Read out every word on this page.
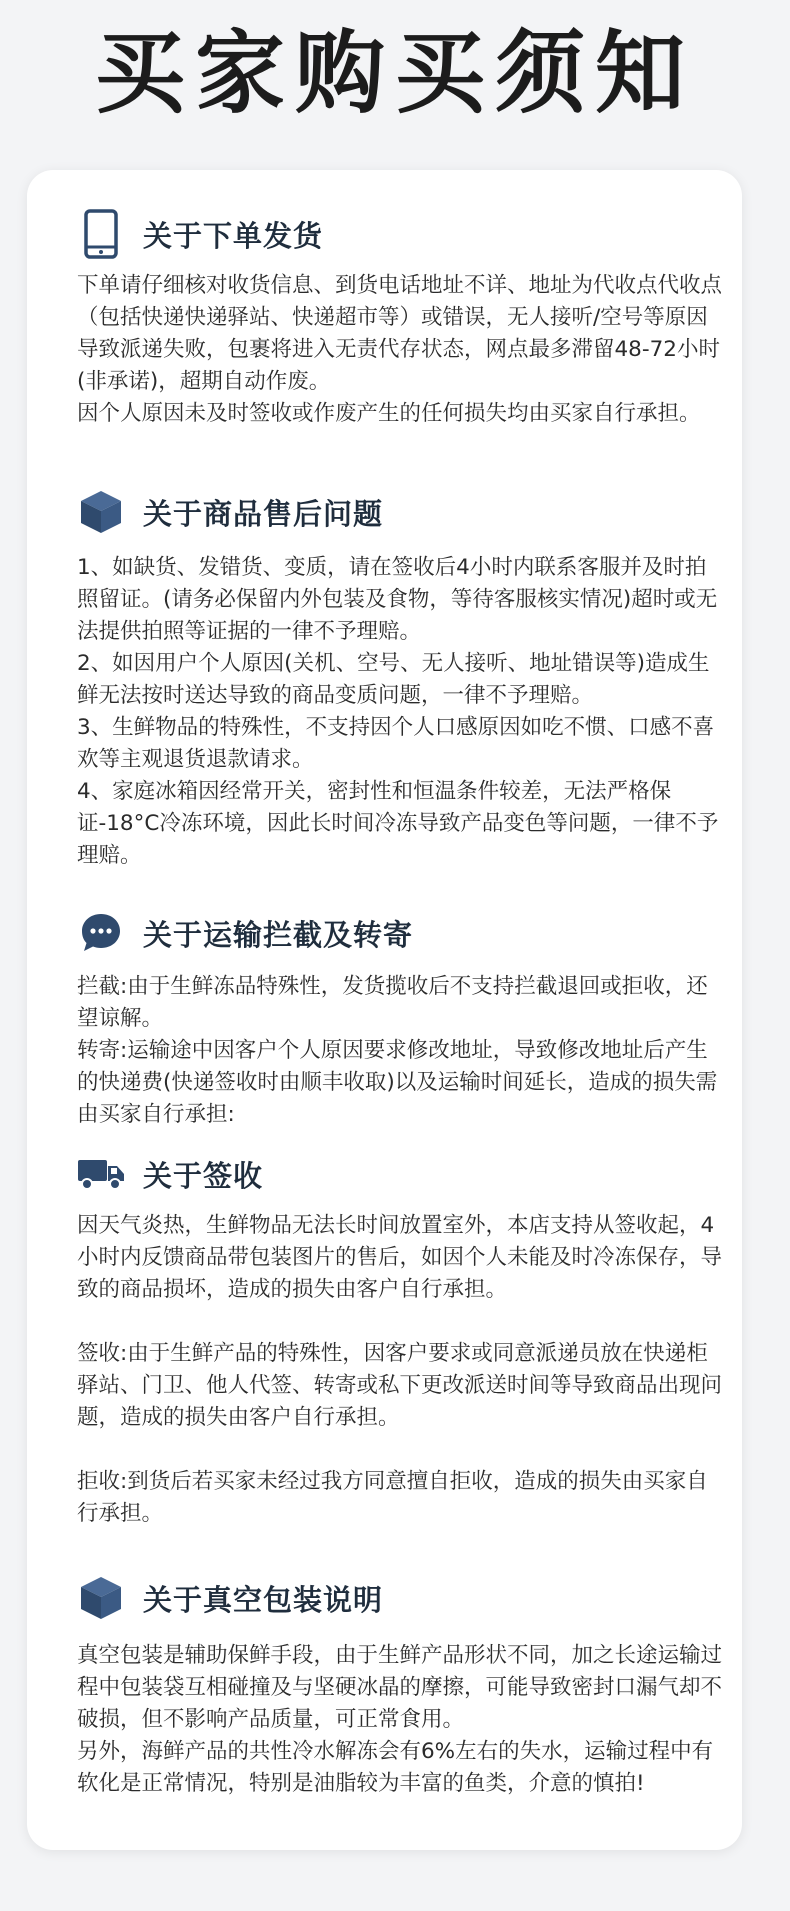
买家购买须知
关于下单发货

下单请仔细核对收货信息、到货电话地址不详、地址为代收点代收点（包括快递快递驿站、快递超市等）或错误，无人接听/空号等原因导致派递失败，包裹将进入无责代存状态，网点最多滞留48-72小时(非承诺)，超期自动作废。

因个人原因未及时签收或作废产生的任何损失均由买家自行承担。

关于商品售后问题

1、如缺货、发错货、变质，请在签收后4小时内联系客服并及时拍照留证。(请务必保留内外包装及食物，等待客服核实情况)超时或无法提供拍照等证据的一律不予理赔。

2、如因用户个人原因(关机、空号、无人接听、地址错误等)造成生鲜无法按时送达导致的商品变质问题，一律不予理赔。

3、生鲜物品的特殊性，不支持因个人口感原因如吃不惯、口感不喜欢等主观退货退款请求。

4、家庭冰箱因经常开关，密封性和恒温条件较差，无法严格保证-18°C冷冻环境，因此长时间冷冻导致产品变色等问题，一律不予理赔。

关于运输拦截及转寄

拦截:由于生鲜冻品特殊性，发货揽收后不支持拦截退回或拒收，还望谅解。

转寄:运输途中因客户个人原因要求修改地址，导致修改地址后产生的快递费(快递签收时由顺丰收取)以及运输时间延长，造成的损失需由买家自行承担:

关于签收

因天气炎热，生鲜物品无法长时间放置室外，本店支持从签收起，4小时内反馈商品带包装图片的售后，如因个人未能及时冷冻保存，导致的商品损坏，造成的损失由客户自行承担。

签收:由于生鲜产品的特殊性，因客户要求或同意派递员放在快递柜驿站、门卫、他人代签、转寄或私下更改派送时间等导致商品出现问题，造成的损失由客户自行承担。

拒收:到货后若买家未经过我方同意擅自拒收，造成的损失由买家自行承担。

关于真空包装说明

真空包装是辅助保鲜手段，由于生鲜产品形状不同，加之长途运输过程中包装袋互相碰撞及与坚硬冰晶的摩擦，可能导致密封口漏气却不破损，但不影响产品质量，可正常食用。

另外，海鲜产品的共性冷水解冻会有6%左右的失水，运输过程中有软化是正常情况，特别是油脂较为丰富的鱼类，介意的慎拍!
